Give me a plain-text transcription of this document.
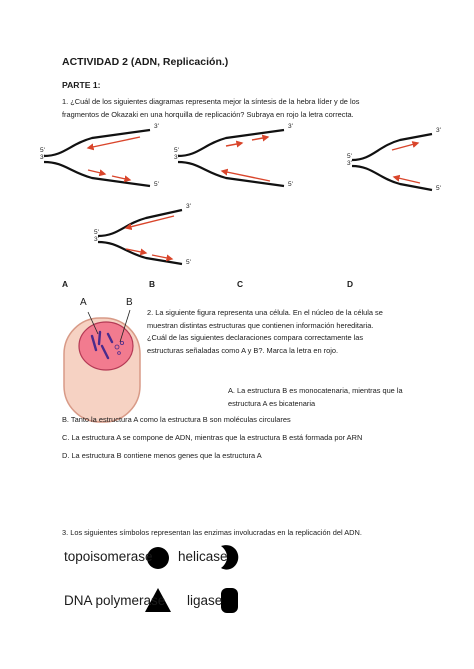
ACTIVIDAD 2 (ADN, Replicación.)
PARTE 1:
1. ¿Cuál de los siguientes diagramas representa mejor la síntesis de la hebra líder y de los
fragmentos de Okazaki en una horquilla de replicación? Subraya en rojo la letra correcta.
5'
3'
3'
5'
5'
3'
3'
5'
5'
3'
3'
5'
5'
3'
3'
5'
A	B	C	D
A	B
2. La siguiente figura representa una célula. En el núcleo de la célula se
muestran distintas estructuras que contienen información hereditaria.
¿Cuál de las siguientes declaraciones compara correctamente las
estructuras señaladas como A y B?. Marca la letra en rojo.
A. La estructura B es monocatenaria, mientras que la
estructura A es bicatenaria
B. Tanto la estructura A como la estructura B son moléculas circulares
C. La estructura A se compone de ADN, mientras que la estructura B está formada por ARN
D. La estructura B contiene menos genes que la estructura A
3. Los siguientes símbolos representan las enzimas involucradas en la replicación del ADN.
topoisomerase helicase
DNA polymerase ligase
